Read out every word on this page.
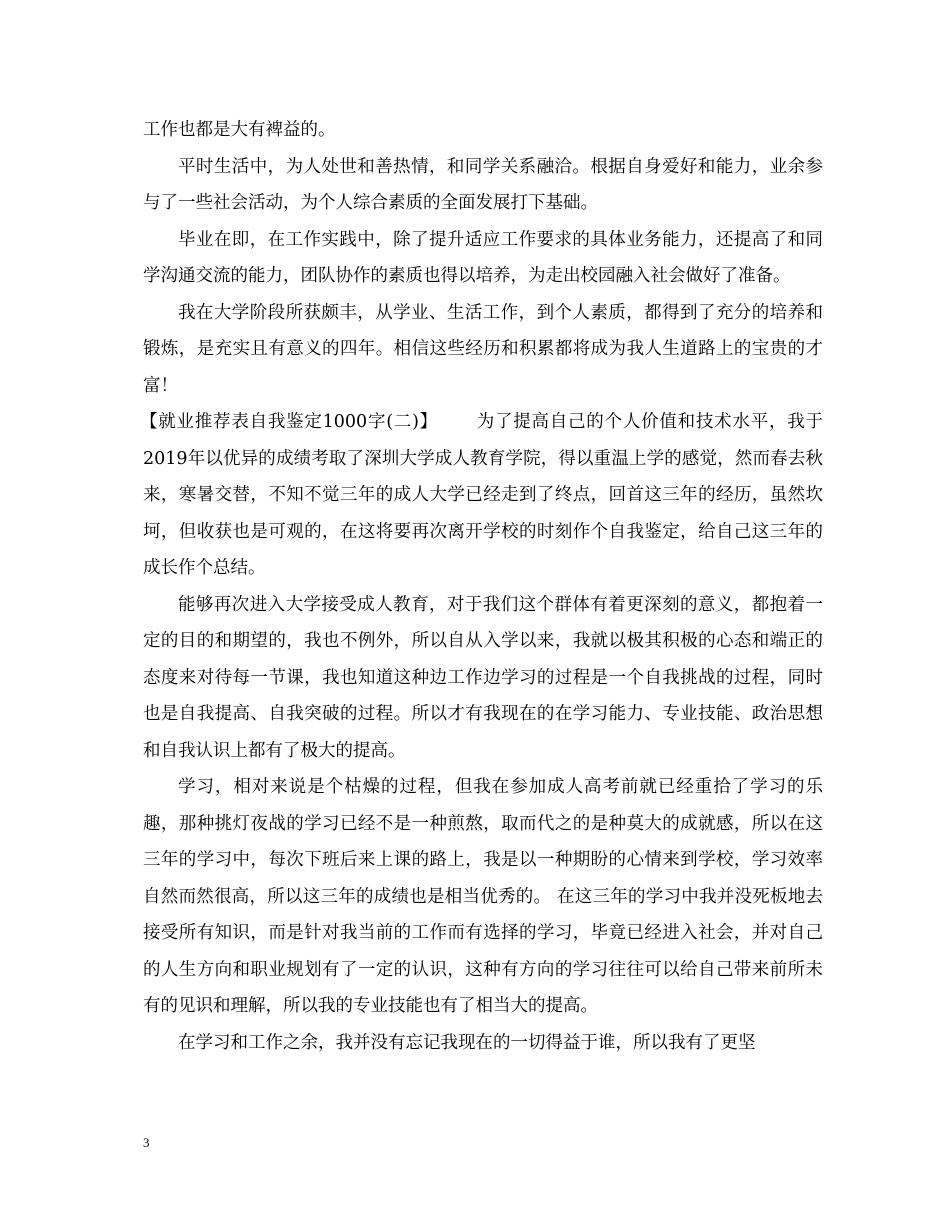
工作也都是大有裨益的。

平时生活中，为人处世和善热情，和同学关系融洽。根据自身爱好和能力，业余参与了一些社会活动，为个人综合素质的全面发展打下基础。

毕业在即，在工作实践中，除了提升适应工作要求的具体业务能力，还提高了和同学沟通交流的能力，团队协作的素质也得以培养，为走出校园融入社会做好了准备。

我在大学阶段所获颇丰，从学业、生活工作，到个人素质，都得到了充分的培养和锻炼，是充实且有意义的四年。相信这些经历和积累都将成为我人生道路上的宝贵的才富！

【就业推荐表自我鉴定1000字(二)】 为了提高自己的个人价值和技术水平，我于2019年以优异的成绩考取了深圳大学成人教育学院，得以重温上学的感觉，然而春去秋来，寒暑交替，不知不觉三年的成人大学已经走到了终点，回首这三年的经历，虽然坎坷，但收获也是可观的，在这将要再次离开学校的时刻作个自我鉴定，给自己这三年的成长作个总结。

能够再次进入大学接受成人教育，对于我们这个群体有着更深刻的意义，都抱着一定的目的和期望的，我也不例外，所以自从入学以来，我就以极其积极的心态和端正的态度来对待每一节课，我也知道这种边工作边学习的过程是一个自我挑战的过程，同时也是自我提高、自我突破的过程。所以才有我现在的在学习能力、专业技能、政治思想和自我认识上都有了极大的提高。

学习，相对来说是个枯燥的过程，但我在参加成人高考前就已经重拾了学习的乐趣，那种挑灯夜战的学习已经不是一种煎熬，取而代之的是种莫大的成就感，所以在这三年的学习中，每次下班后来上课的路上，我是以一种期盼的心情来到学校，学习效率自然而然很高，所以这三年的成绩也是相当优秀的。 在这三年的学习中我并没死板地去接受所有知识，而是针对我当前的工作而有选择的学习，毕竟已经进入社会，并对自己的人生方向和职业规划有了一定的认识，这种有方向的学习往往可以给自己带来前所未有的见识和理解，所以我的专业技能也有了相当大的提高。

在学习和工作之余，我并没有忘记我现在的一切得益于谁，所以我有了更坚

3
